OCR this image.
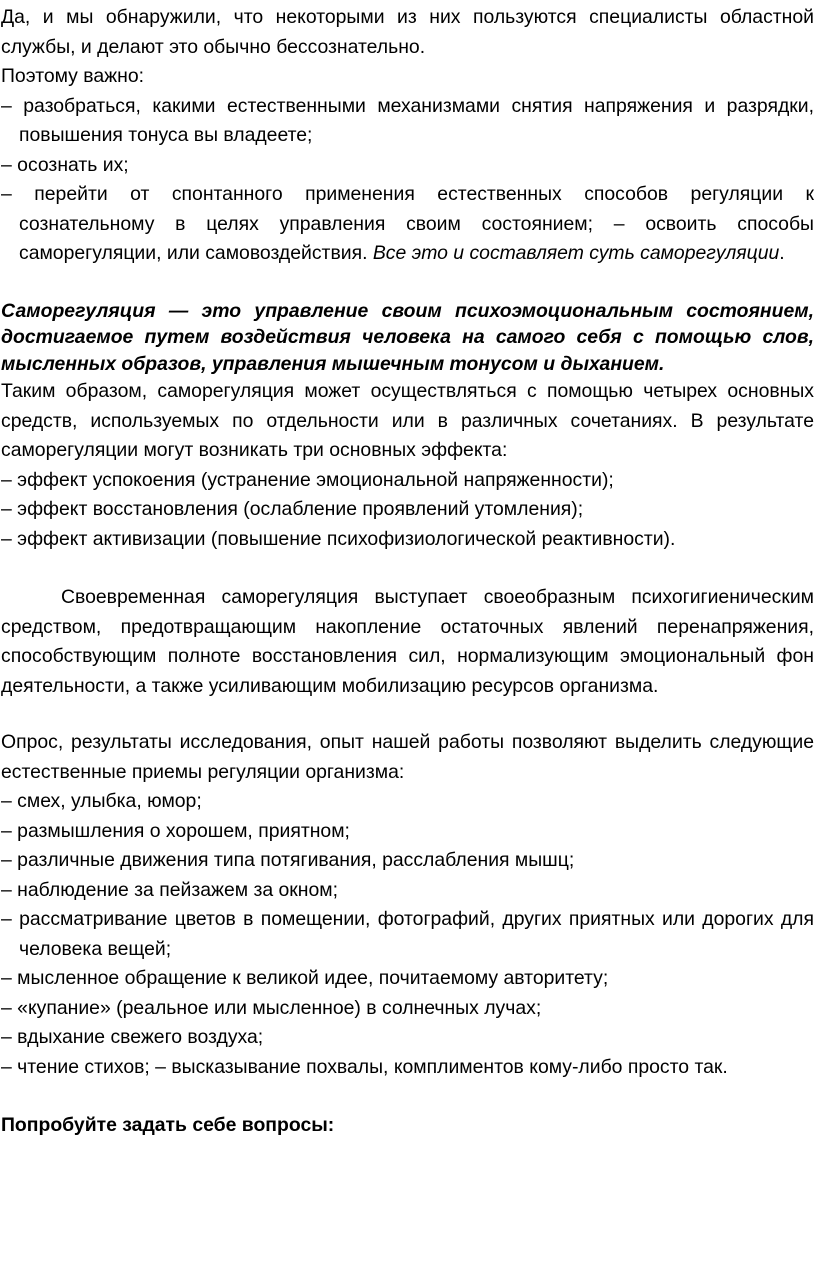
Да, и мы обнаружили, что некоторыми из них пользуются специалисты областной службы, и делают это обычно бессознательно.

Поэтому важно:

– разобраться, какими естественными механизмами снятия напряжения и разрядки, повышения тонуса вы владеете;

– осознать их;

– перейти от спонтанного применения естественных способов регуляции к сознательному в целях управления своим состоянием; – освоить способы саморегуляции, или самовоздействия. Все это и составляет суть саморегуляции.

Саморегуляция — это управление своим психоэмоциональным состоянием, достигаемое путем воздействия человека на самого себя с помощью слов, мысленных образов, управления мышечным тонусом и дыханием.

Таким образом, саморегуляция может осуществляться с помощью четырех основных средств, используемых по отдельности или в различных сочетаниях. В результате саморегуляции могут возникать три основных эффекта:

– эффект успокоения (устранение эмоциональной напряженности);

– эффект восстановления (ослабление проявлений утомления);

– эффект активизации (повышение психофизиологической реактивности).

Своевременная саморегуляция выступает своеобразным психогигиеническим средством, предотвращающим накопление остаточных явлений перенапряжения, способствующим полноте восстановления сил, нормализующим эмоциональный фон деятельности, а также усиливающим мобилизацию ресурсов организма.

Опрос, результаты исследования, опыт нашей работы позволяют выделить следующие естественные приемы регуляции организма:

– смех, улыбка, юмор;

– размышления о хорошем, приятном;

– различные движения типа потягивания, расслабления мышц;

– наблюдение за пейзажем за окном;

– рассматривание цветов в помещении, фотографий, других приятных или дорогих для человека вещей;

– мысленное обращение к великой идее, почитаемому авторитету;

– «купание» (реальное или мысленное) в солнечных лучах;

– вдыхание свежего воздуха;

– чтение стихов; – высказывание похвалы, комплиментов кому-либо просто так.

Попробуйте задать себе вопросы:
